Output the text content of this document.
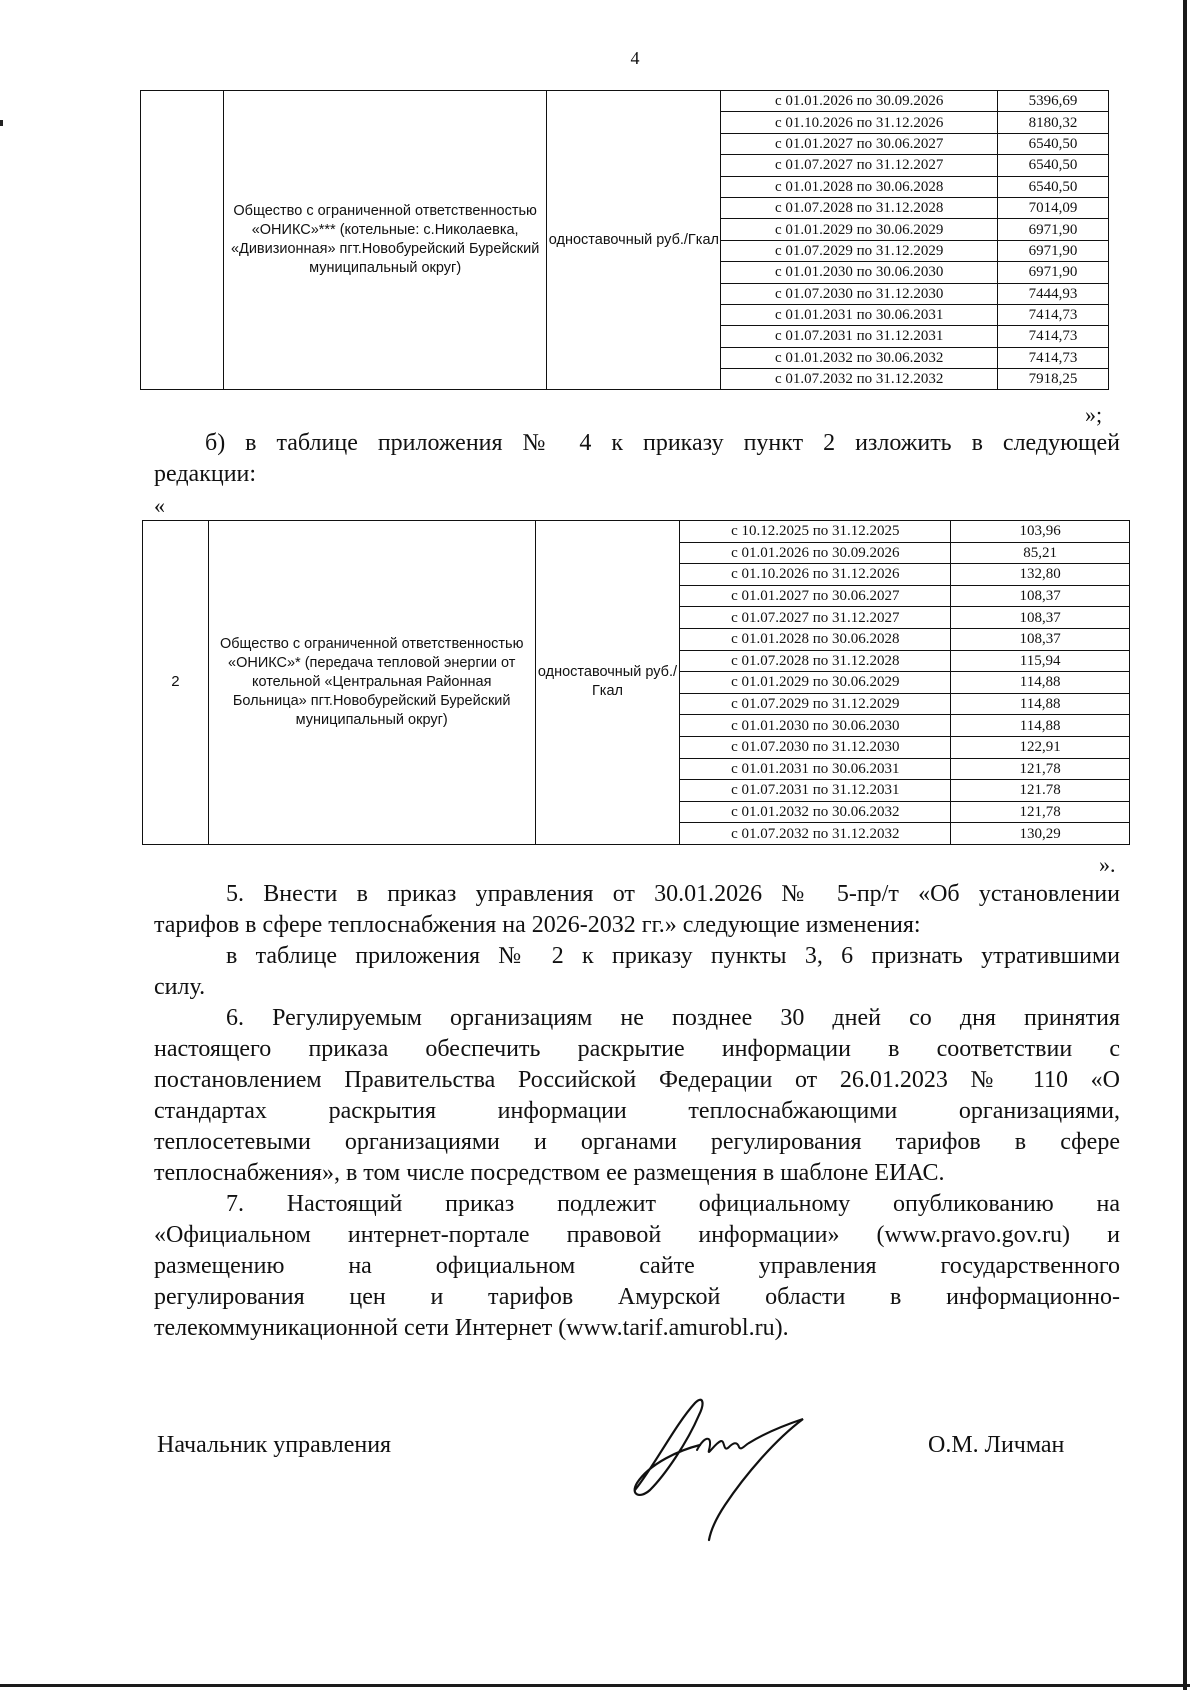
4
	Общество с ограниченной ответственностью «ОНИКС»*** (котельные: с.Николаевка, «Дивизионная» пгт.Новобурейский Бурейский муниципальный округ)	одноставочный руб./Гкал	с 01.01.2026 по 30.09.2026	5396,69
			с 01.10.2026 по 31.12.2026	8180,32
			с 01.01.2027 по 30.06.2027	6540,50
			с 01.07.2027 по 31.12.2027	6540,50
			с 01.01.2028 по 30.06.2028	6540,50
			с 01.07.2028 по 31.12.2028	7014,09
			с 01.01.2029 по 30.06.2029	6971,90
			с 01.07.2029 по 31.12.2029	6971,90
			с 01.01.2030 по 30.06.2030	6971,90
			с 01.07.2030 по 31.12.2030	7444,93
			с 01.01.2031 по 30.06.2031	7414,73
			с 01.07.2031 по 31.12.2031	7414,73
			с 01.01.2032 по 30.06.2032	7414,73
			с 01.07.2032 по 31.12.2032	7918,25
»;
б) в таблице приложения № 4 к приказу пункт 2 изложить в следующей
редакции:
«
2	Общество с ограниченной ответственностью «ОНИКС»* (передача тепловой энергии от котельной «Центральная Районная Больница» пгт.Новобурейский Бурейский муниципальный округ)	одноставочный руб./Гкал	с 10.12.2025 по 31.12.2025	103,96
			с 01.01.2026 по 30.09.2026	85,21
			с 01.10.2026 по 31.12.2026	132,80
			с 01.01.2027 по 30.06.2027	108,37
			с 01.07.2027 по 31.12.2027	108,37
			с 01.01.2028 по 30.06.2028	108,37
			с 01.07.2028 по 31.12.2028	115,94
			с 01.01.2029 по 30.06.2029	114,88
			с 01.07.2029 по 31.12.2029	114,88
			с 01.01.2030 по 30.06.2030	114,88
			с 01.07.2030 по 31.12.2030	122,91
			с 01.01.2031 по 30.06.2031	121,78
			с 01.07.2031 по 31.12.2031	121.78
			с 01.01.2032 по 30.06.2032	121,78
			с 01.07.2032 по 31.12.2032	130,29
».
5. Внести в приказ управления от 30.01.2026 № 5-пр/т «Об установлении
тарифов в сфере теплоснабжения на 2026-2032 гг.» следующие изменения:
в таблице приложения № 2 к приказу пункты 3, 6 признать утратившими
силу.
6. Регулируемым организациям не позднее 30 дней со дня принятия
настоящего приказа обеспечить раскрытие информации в соответствии с
постановлением Правительства Российской Федерации от 26.01.2023 № 110 «О
стандартах раскрытия информации теплоснабжающими организациями,
теплосетевыми организациями и органами регулирования тарифов в сфере
теплоснабжения», в том числе посредством ее размещения в шаблоне ЕИАС.
7. Настоящий приказ подлежит официальному опубликованию на
«Официальном интернет-портале правовой информации» (www.pravo.gov.ru) и
размещению на официальном сайте управления государственного
регулирования цен и тарифов Амурской области в информационно-
телекоммуникационной сети Интернет (www.tarif.amurobl.ru).
Начальник управления	О.М. Личман
